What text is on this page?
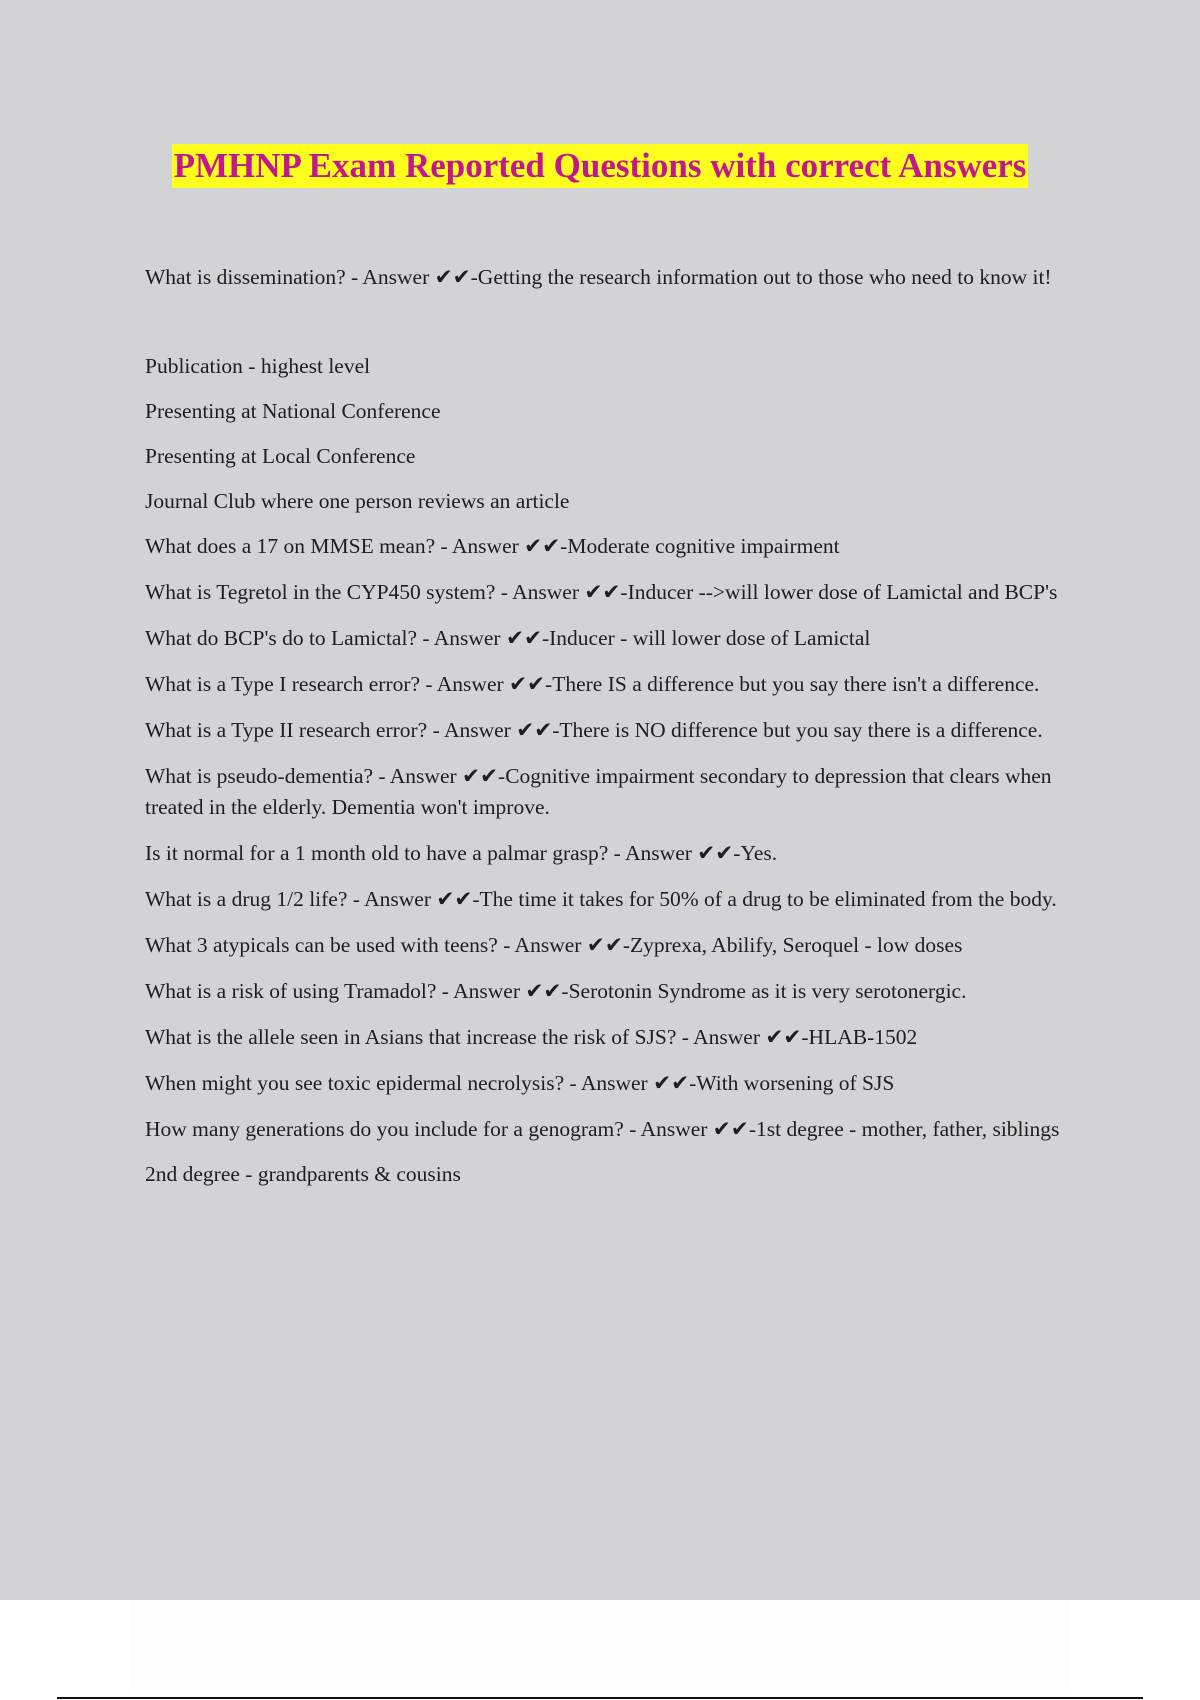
PMHNP Exam Reported Questions with correct Answers

What is dissemination? - Answer ✔✔-Getting the research information out to those who need to know it!

Publication - highest level

Presenting at National Conference

Presenting at Local Conference

Journal Club where one person reviews an article

What does a 17 on MMSE mean? - Answer ✔✔-Moderate cognitive impairment

What is Tegretol in the CYP450 system? - Answer ✔✔-Inducer -->will lower dose of Lamictal and BCP's

What do BCP's do to Lamictal? - Answer ✔✔-Inducer - will lower dose of Lamictal

What is a Type I research error? - Answer ✔✔-There IS a difference but you say there isn't a difference.

What is a Type II research error? - Answer ✔✔-There is NO difference but you say there is a difference.

What is pseudo-dementia? - Answer ✔✔-Cognitive impairment secondary to depression that clears when treated in the elderly. Dementia won't improve.

Is it normal for a 1 month old to have a palmar grasp? - Answer ✔✔-Yes.

What is a drug 1/2 life? - Answer ✔✔-The time it takes for 50% of a drug to be eliminated from the body.

What 3 atypicals can be used with teens? - Answer ✔✔-Zyprexa, Abilify, Seroquel - low doses

What is a risk of using Tramadol? - Answer ✔✔-Serotonin Syndrome as it is very serotonergic.

What is the allele seen in Asians that increase the risk of SJS? - Answer ✔✔-HLAB-1502

When might you see toxic epidermal necrolysis? - Answer ✔✔-With worsening of SJS

How many generations do you include for a genogram? - Answer ✔✔-1st degree - mother, father, siblings

2nd degree - grandparents & cousins
